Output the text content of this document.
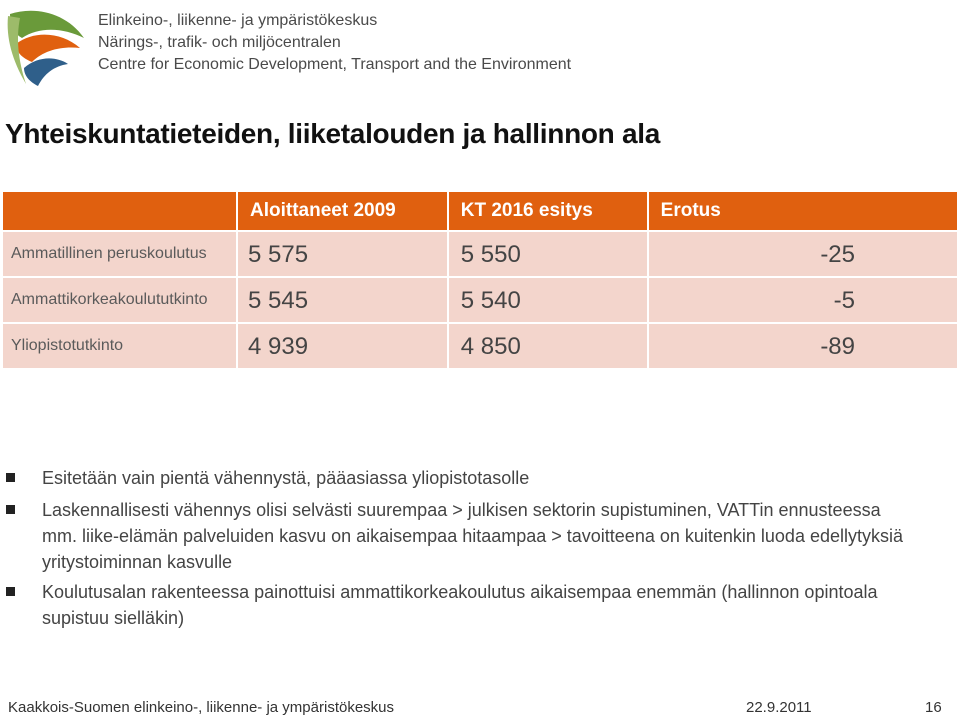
Elinkeino-, liikenne- ja ympäristökeskus
Närings-, trafik- och miljöcentralen
Centre for Economic Development, Transport and the Environment
Yhteiskuntatieteiden, liiketalouden ja hallinnon ala
	Aloittaneet 2009	KT 2016 esitys	Erotus
Ammatillinen peruskoulutus	5 575	5 550	-25
Ammattikorkeakoulututkinto	5 545	5 540	-5
Yliopistotutkinto	4 939	4 850	-89
Esitetään vain pientä vähennystä, pääasiassa yliopistotasolle
Laskennallisesti vähennys olisi selvästi suurempaa > julkisen sektorin supistuminen, VATTin ennusteessa mm. liike-elämän palveluiden kasvu on aikaisempaa hitaampaa > tavoitteena on kuitenkin luoda edellytyksiä yritystoiminnan kasvulle
Koulutusalan rakenteessa painottuisi ammattikorkeakoulutus aikaisempaa enemmän (hallinnon opintoala supistuu sielläkin)
Kaakkois-Suomen elinkeino-, liikenne- ja ympäristökeskus	22.9.2011	16
